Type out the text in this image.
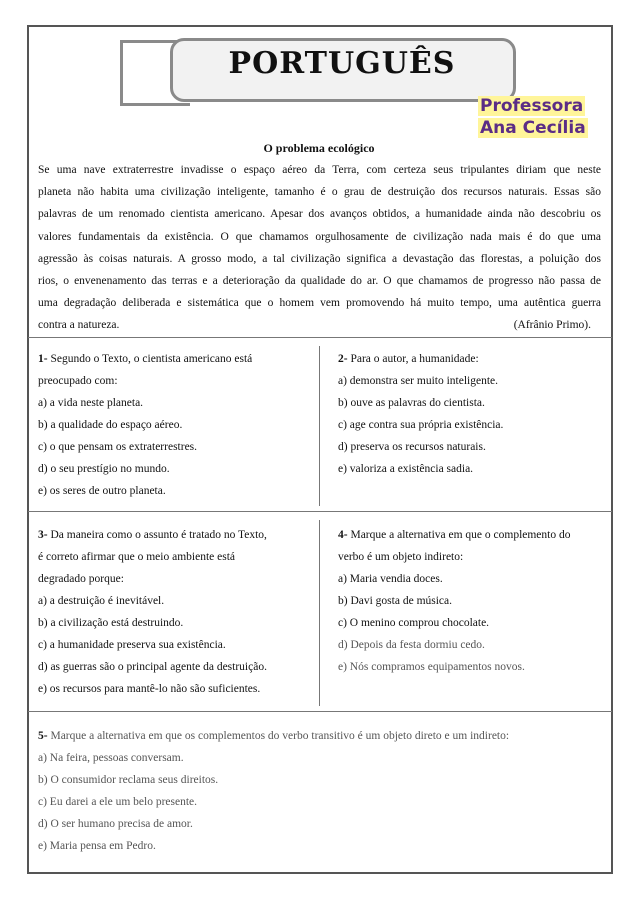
PORTUGUÊS
Professora
Ana Cecília
O problema ecológico
Se uma nave extraterrestre invadisse o espaço aéreo da Terra, com certeza seus tripulantes diriam que neste
planeta não habita uma civilização inteligente, tamanho é o grau de destruição dos recursos naturais. Essas são
palavras de um renomado cientista americano. Apesar dos avanços obtidos, a humanidade ainda não descobriu os
valores fundamentais da existência. O que chamamos orgulhosamente de civilização nada mais é do que uma
agressão às coisas naturais. A grosso modo, a tal civilização significa a devastação das florestas, a poluição dos
rios, o envenenamento das terras e a deterioração da qualidade do ar. O que chamamos de progresso não passa de
uma degradação deliberada e sistemática que o homem vem promovendo há muito tempo, uma autêntica guerra
contra a natureza.	(Afrânio Primo).
1- Segundo o Texto, o cientista americano está
preocupado com:
a) a vida neste planeta.
b) a qualidade do espaço aéreo.
c) o que pensam os extraterrestres.
d) o seu prestígio no mundo.
e) os seres de outro planeta.
2- Para o autor, a humanidade:
a) demonstra ser muito inteligente.
b) ouve as palavras do cientista.
c) age contra sua própria existência.
d) preserva os recursos naturais.
e) valoriza a existência sadia.
3- Da maneira como o assunto é tratado no Texto,
é correto afirmar que o meio ambiente está
degradado porque:
a) a destruição é inevitável.
b) a civilização está destruindo.
c) a humanidade preserva sua existência.
d) as guerras são o principal agente da destruição.
e) os recursos para mantê-lo não são suficientes.
4- Marque a alternativa em que o complemento do
verbo é um objeto indireto:
a) Maria vendia doces.
b) Davi gosta de música.
c) O menino comprou chocolate.
d) Depois da festa dormiu cedo.
e) Nós compramos equipamentos novos.
5- Marque a alternativa em que os complementos do verbo transitivo é um objeto direto e um indireto:
a) Na feira, pessoas conversam.
b) O consumidor reclama seus direitos.
c) Eu darei a ele um belo presente.
d) O ser humano precisa de amor.
e) Maria pensa em Pedro.
